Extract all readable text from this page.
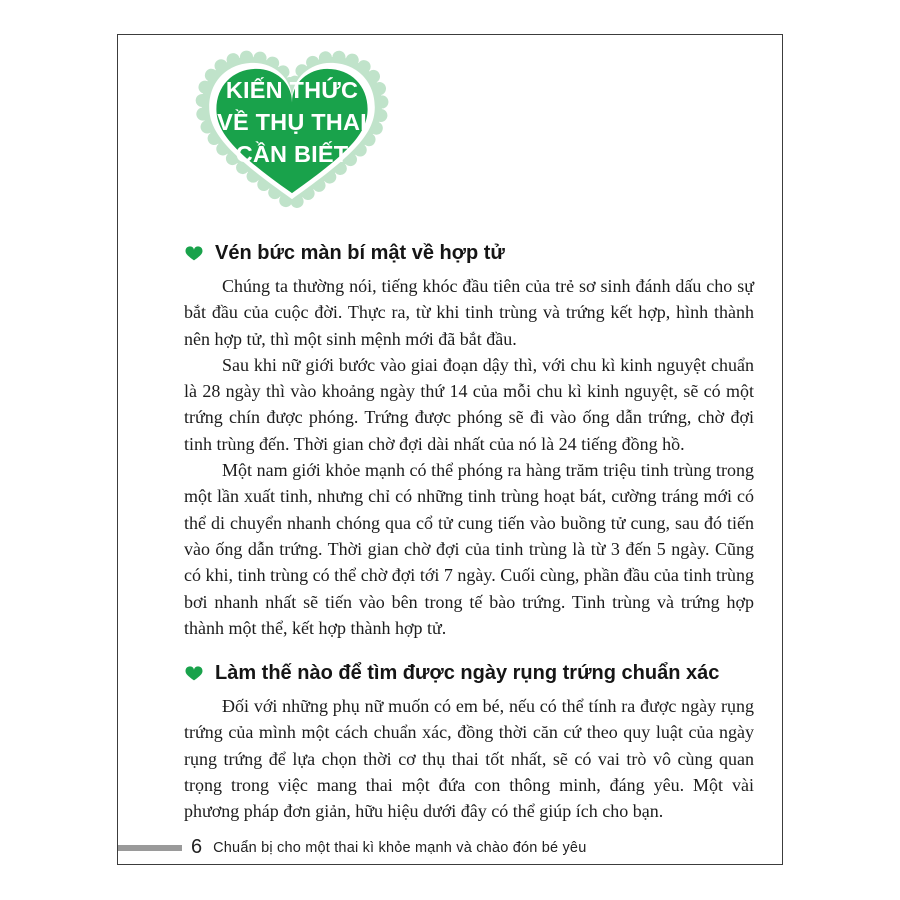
KIẾN THỨC
VỀ THỤ THAI
CẦN BIẾT
Vén bức màn bí mật về hợp tử

Chúng ta thường nói, tiếng khóc đầu tiên của trẻ sơ sinh đánh dấu cho sự bắt đầu của cuộc đời. Thực ra, từ khi tinh trùng và trứng kết hợp, hình thành nên hợp tử, thì một sinh mệnh mới đã bắt đầu.

Sau khi nữ giới bước vào giai đoạn dậy thì, với chu kì kinh nguyệt chuẩn là 28 ngày thì vào khoảng ngày thứ 14 của mỗi chu kì kinh nguyệt, sẽ có một trứng chín được phóng. Trứng được phóng sẽ đi vào ống dẫn trứng, chờ đợi tinh trùng đến. Thời gian chờ đợi dài nhất của nó là 24 tiếng đồng hồ.

Một nam giới khỏe mạnh có thể phóng ra hàng trăm triệu tinh trùng trong một lần xuất tinh, nhưng chỉ có những tinh trùng hoạt bát, cường tráng mới có thể di chuyển nhanh chóng qua cổ tử cung tiến vào buồng tử cung, sau đó tiến vào ống dẫn trứng. Thời gian chờ đợi của tinh trùng là từ 3 đến 5 ngày. Cũng có khi, tinh trùng có thể chờ đợi tới 7 ngày. Cuối cùng, phần đầu của tinh trùng bơi nhanh nhất sẽ tiến vào bên trong tế bào trứng. Tinh trùng và trứng hợp thành một thể, kết hợp thành hợp tử.

Làm thế nào để tìm được ngày rụng trứng chuẩn xác

Đối với những phụ nữ muốn có em bé, nếu có thể tính ra được ngày rụng trứng của mình một cách chuẩn xác, đồng thời căn cứ theo quy luật của ngày rụng trứng để lựa chọn thời cơ thụ thai tốt nhất, sẽ có vai trò vô cùng quan trọng trong việc mang thai một đứa con thông minh, đáng yêu. Một vài phương pháp đơn giản, hữu hiệu dưới đây có thể giúp ích cho bạn.

6 Chuẩn bị cho một thai kì khỏe mạnh và chào đón bé yêu
